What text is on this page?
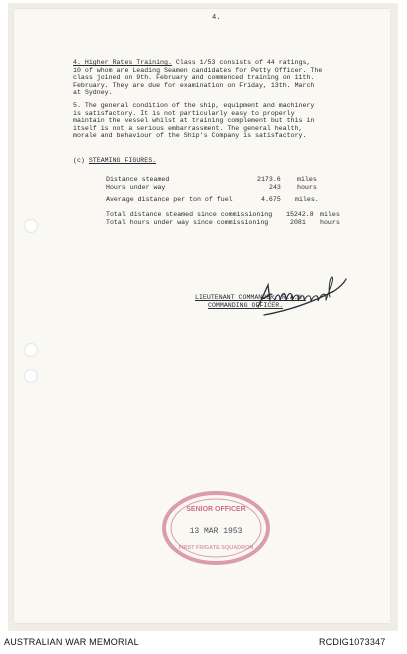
4.
4. Higher Rates Training. Class 1/53 consists of 44 ratings,
10 of whom are Leading Seamen candidates for Petty Officer. The
class joined on 9th. February and commenced training on 11th.
February. They are due for examination on Friday, 13th. March
at Sydney.
5. The general condition of the ship, equipment and machinery
is satisfactory. It is not particularly easy to properly
maintain the vessel whilst at training complement but this in
itself is not a serious embarrassment. The general health,
morale and behaviour of the Ship's Company is satisfactory.
(c) STEAMING FIGURES.
Distance steamed	2173.6 miles
Hours under way	243 hours
Average distance per ton of fuel	4.675 miles.
Total distance steamed since commissioning 15242.8 miles
Total hours under way since commissioning	2081 hours
LIEUTENANT COMMANDER, R.A.N.
COMMANDING OFFICER.
SENIOR OFFICER
13 MAR 1953
FIRST FRIGATE SQUADRON
AUSTRALIAN WAR MEMORIAL	RCDIG1073347
